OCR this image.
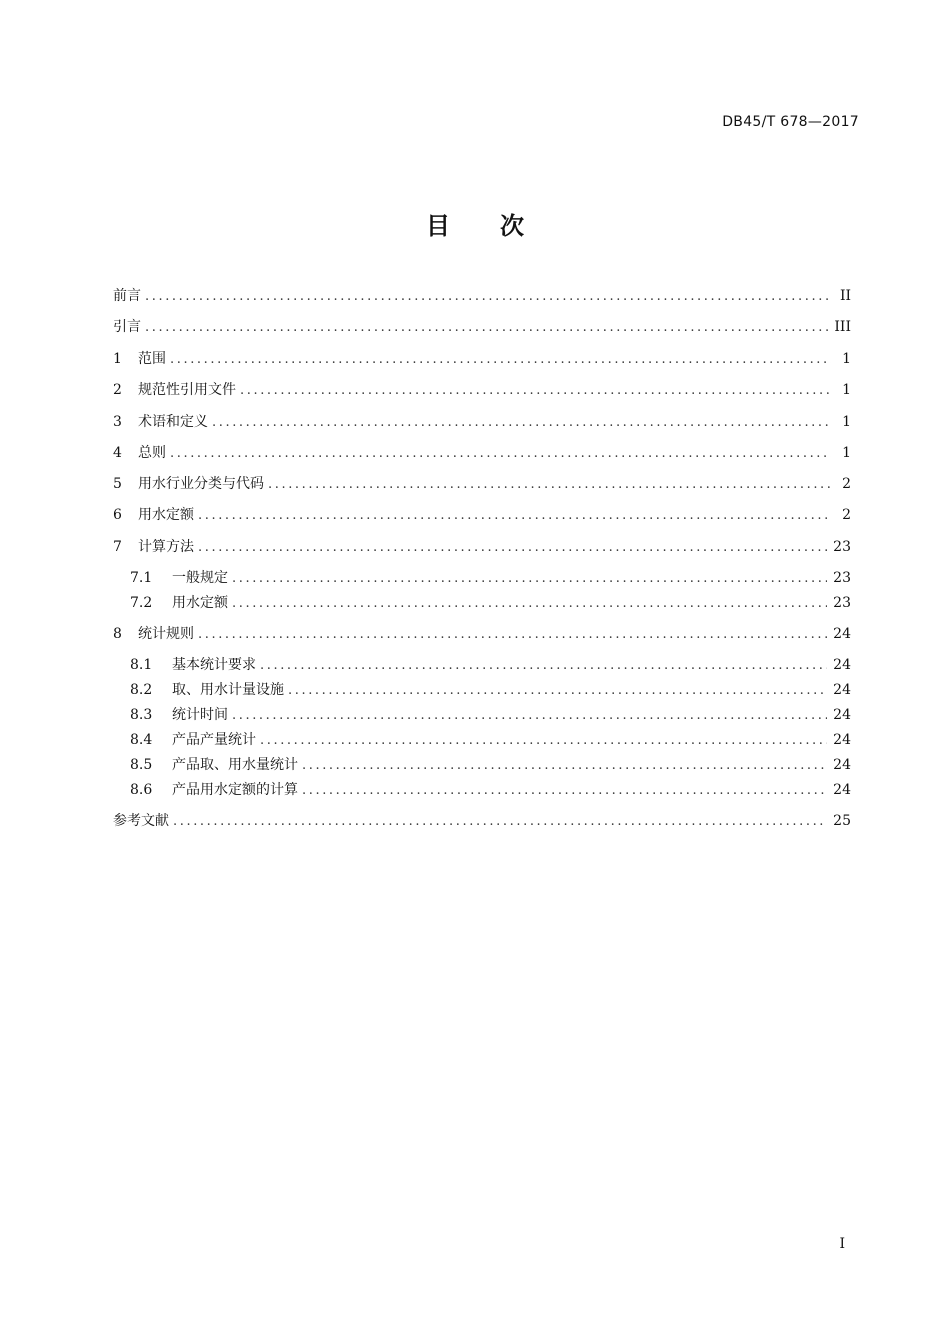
DB45/T 678—2017
目 次
前言 .....	II
引言 .....	III
1	范围 .....	1
2	规范性引用文件 .....	1
3	术语和定义 .....	1
4	总则 .....	1
5	用水行业分类与代码 .....	2
6	用水定额 .....	2
7	计算方法 .....	23
7.1	一般规定 .....	23
7.2	用水定额 .....	23
8	统计规则 .....	24
8.1	基本统计要求 .....	24
8.2	取、用水计量设施 .....	24
8.3	统计时间 .....	24
8.4	产品产量统计 .....	24
8.5	产品取、用水量统计 .....	24
8.6	产品用水定额的计算 .....	24
参考文献 .....	25
I
